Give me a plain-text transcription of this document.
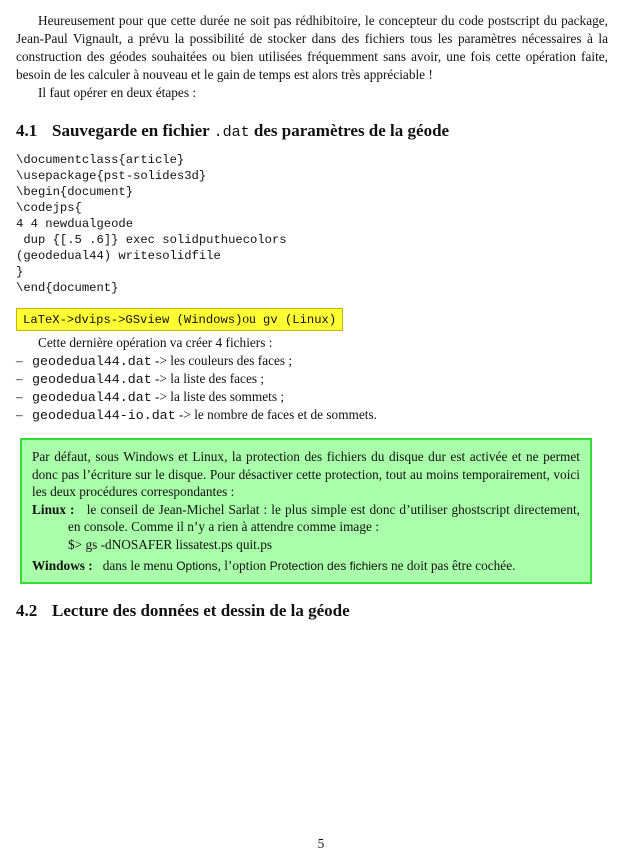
Heureusement pour que cette durée ne soit pas rédhibitoire, le concepteur du code postscript du package, Jean-Paul Vignault, a prévu la possibilité de stocker dans des fichiers tous les paramètres nécessaires à la construction des géodes souhaitées ou bien utilisées fréquemment sans avoir, une fois cette opération faite, besoin de les calculer à nouveau et le gain de temps est alors très appréciable !

Il faut opérer en deux étapes :

4.1 Sauvegarde en fichier .dat des paramètres de la géode
\documentclass{article}
\usepackage{pst-solides3d}
\begin{document}
\codejps{
4 4 newdualgeode
dup {[.5 .6]} exec solidputhuecolors
(geodedual44) writesolidfile
}
\end{document}
LaTeX->dvips->GSview (Windows)ou gv (Linux)

Cette dernière opération va créer 4 fichiers :

– geodedual44.dat -> les couleurs des faces ;
– geodedual44.dat -> la liste des faces ;
– geodedual44.dat -> la liste des sommets ;
– geodedual44-io.dat -> le nombre de faces et de sommets.

Par défaut, sous Windows et Linux, la protection des fichiers du disque dur est activée et ne permet donc pas l’écriture sur le disque. Pour désactiver cette protection, tout au moins temporairement, voici les deux procédures correspondantes :

Linux : le conseil de Jean-Michel Sarlat : le plus simple est donc d’utiliser ghostscript directement, en console. Comme il n’y a rien à attendre comme image :

$> gs -dNOSAFER lissatest.ps quit.ps

Windows : dans le menu Options, l’option Protection des fichiers ne doit pas être cochée.

4.2 Lecture des données et dessin de la géode
5
